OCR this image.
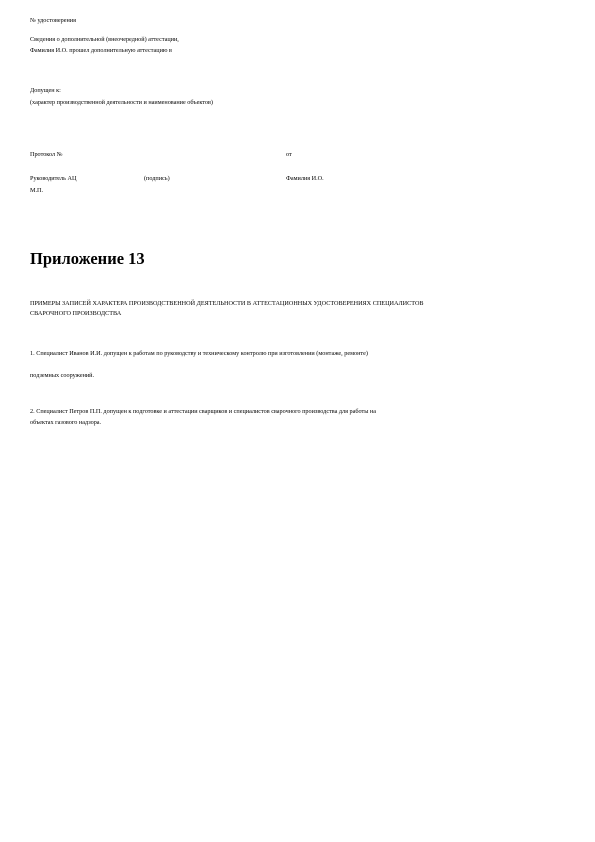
№ удостоверения
Сведения о дополнительной (внеочередной) аттестации,
Фамилия И.О. прошел дополнительную аттестацию в
Допущен к:
(характер производственной деятельности и наименование объектов)
Протокол №	от
Руководитель АЦ	(подпись)	Фамилия И.О.
М.П.
Приложение 13
ПРИМЕРЫ ЗАПИСЕЙ ХАРАКТЕРА ПРОИЗВОДСТВЕННОЙ ДЕЯТЕЛЬНОСТИ В АТТЕСТАЦИОННЫХ УДОСТОВЕРЕНИЯХ СПЕЦИАЛИСТОВ
СВАРОЧНОГО ПРОИЗВОДСТВА
1. Специалист Иванов И.И. допущен к работам по руководству и техническому контролю при изготовлении (монтаже, ремонте)
подземных сооружений.
2. Специалист Петров П.П. допущен к подготовке и аттестации сварщиков и специалистов сварочного производства для работы на
объектах газового надзора.
